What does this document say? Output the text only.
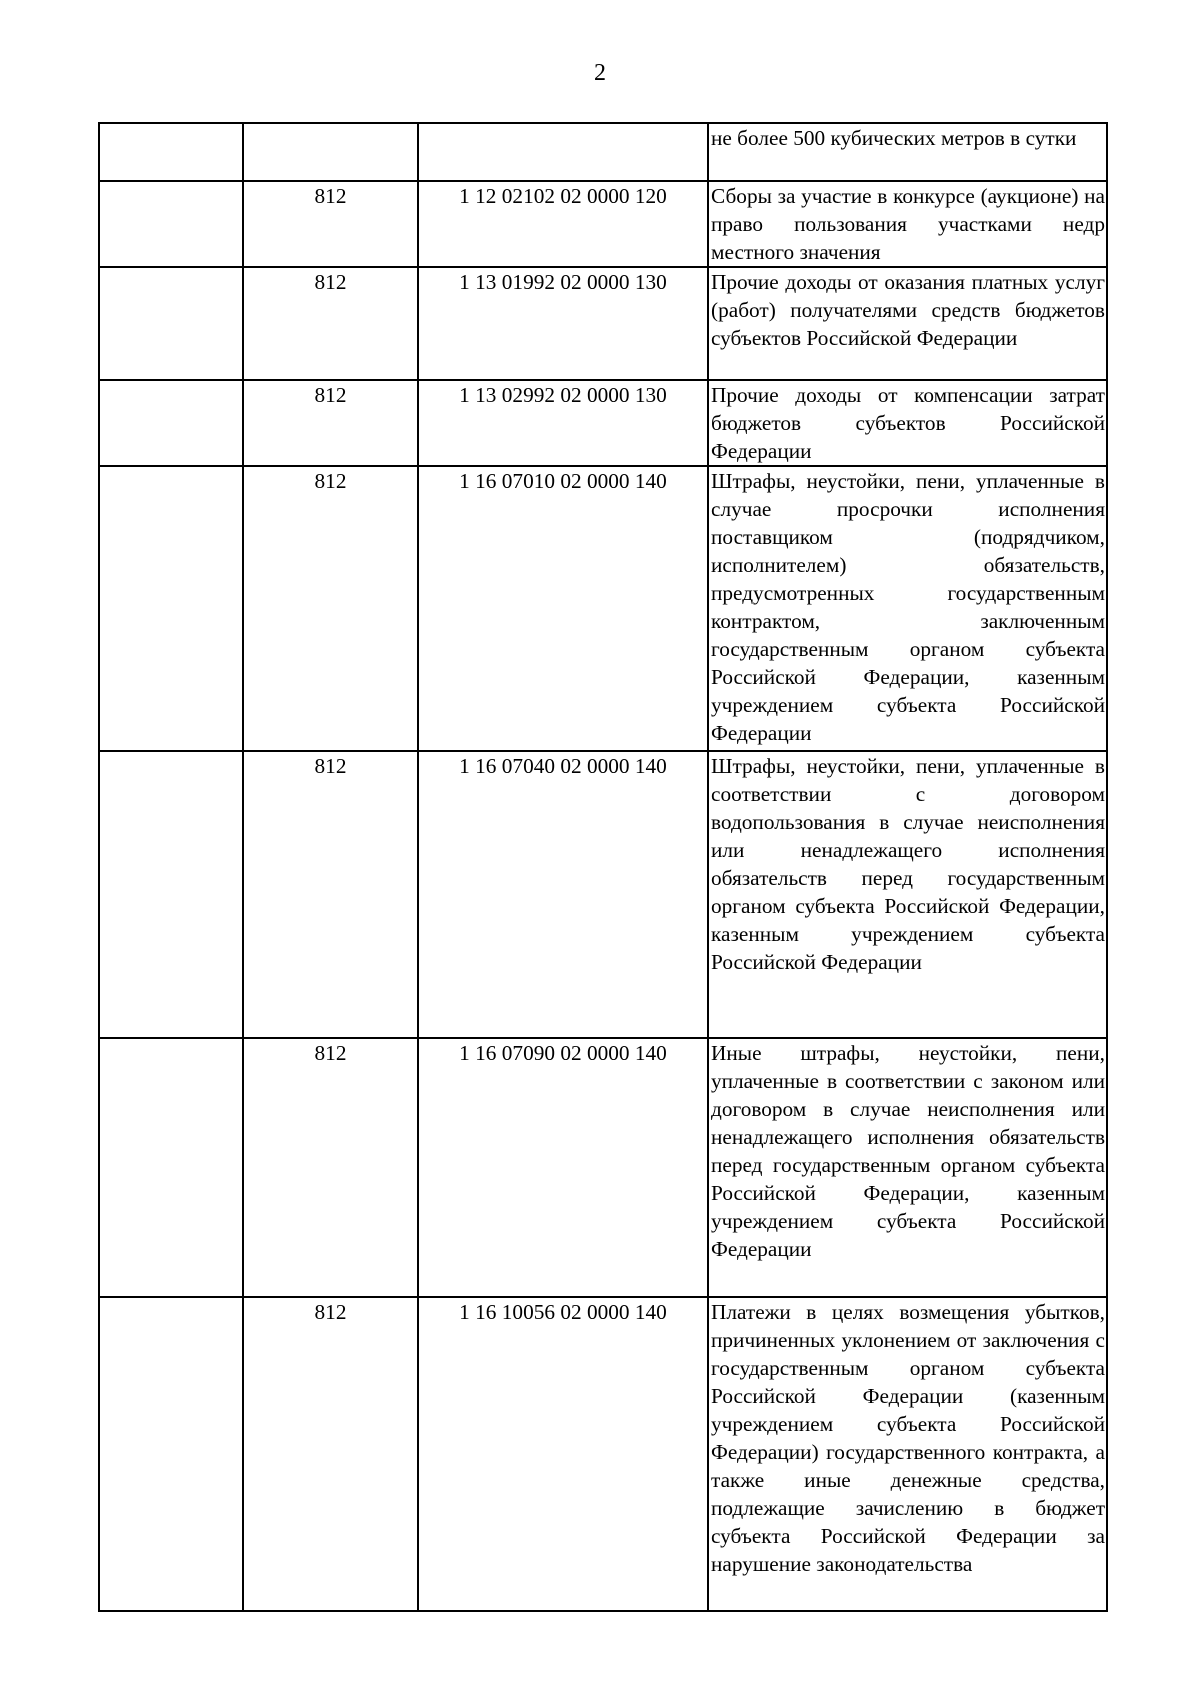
2
			не более 500 кубических метров в сутки
	812	1 12 02102 02 0000 120	Сборы за участие в конкурсе (аукционе) на право пользования участками недр местного значения
	812	1 13 01992 02 0000 130	Прочие доходы от оказания платных услуг (работ) получателями средств бюджетов субъектов Российской Федерации
	812	1 13 02992 02 0000 130	Прочие доходы от компенсации затрат бюджетов субъектов Российской Федерации
	812	1 16 07010 02 0000 140	Штрафы, неустойки, пени, уплаченные в случае просрочки исполнения поставщиком (подрядчиком, исполнителем) обязательств, предусмотренных государственным контрактом, заключенным государственным органом субъекта Российской Федерации, казенным учреждением субъекта Российской Федерации
	812	1 16 07040 02 0000 140	Штрафы, неустойки, пени, уплаченные в соответствии с договором водопользования в случае неисполнения или ненадлежащего исполнения обязательств перед государственным органом субъекта Российской Федерации, казенным учреждением субъекта Российской Федерации
	812	1 16 07090 02 0000 140	Иные штрафы, неустойки, пени, уплаченные в соответствии с законом или договором в случае неисполнения или ненадлежащего исполнения обязательств перед государственным органом субъекта Российской Федерации, казенным учреждением субъекта Российской Федерации
	812	1 16 10056 02 0000 140	Платежи в целях возмещения убытков, причиненных уклонением от заключения с государственным органом субъекта Российской Федерации (казенным учреждением субъекта Российской Федерации) государственного контракта, а также иные денежные средства, подлежащие зачислению в бюджет субъекта Российской Федерации за нарушение законодательства
